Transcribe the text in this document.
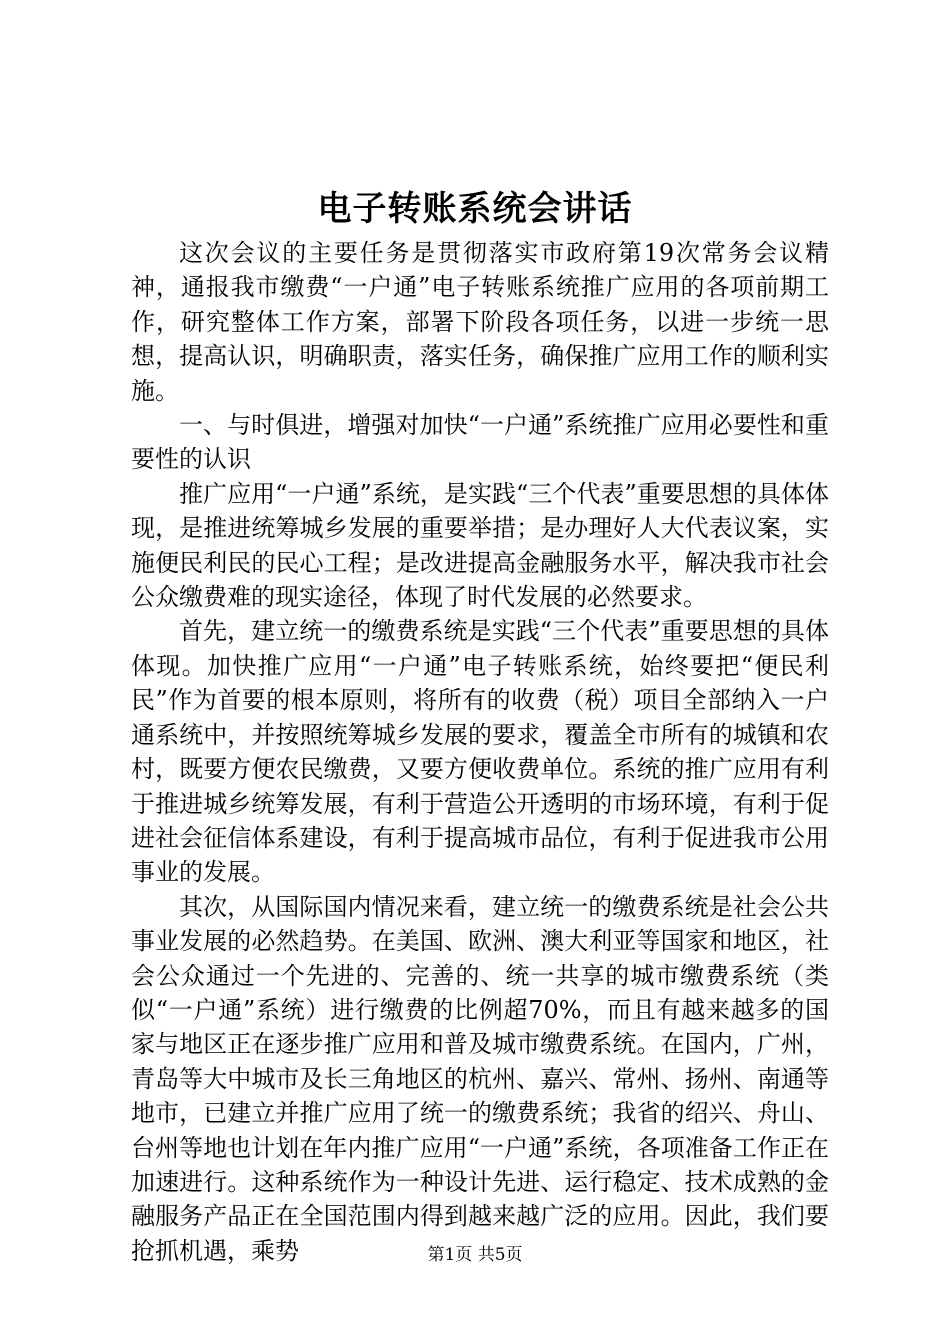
电子转账系统会讲话

这次会议的主要任务是贯彻落实市政府第19次常务会议精神，通报我市缴费“一户通”电子转账系统推广应用的各项前期工作，研究整体工作方案，部署下阶段各项任务，以进一步统一思想，提高认识，明确职责，落实任务，确保推广应用工作的顺利实施。

一、与时俱进，增强对加快“一户通”系统推广应用必要性和重要性的认识

推广应用“一户通”系统，是实践“三个代表”重要思想的具体体现，是推进统筹城乡发展的重要举措；是办理好人大代表议案，实施便民利民的民心工程；是改进提高金融服务水平，解决我市社会公众缴费难的现实途径，体现了时代发展的必然要求。

首先，建立统一的缴费系统是实践“三个代表”重要思想的具体体现。加快推广应用“一户通”电子转账系统，始终要把“便民利民”作为首要的根本原则，将所有的收费（税）项目全部纳入一户通系统中，并按照统筹城乡发展的要求，覆盖全市所有的城镇和农村，既要方便农民缴费，又要方便收费单位。系统的推广应用有利于推进城乡统筹发展，有利于营造公开透明的市场环境，有利于促进社会征信体系建设，有利于提高城市品位，有利于促进我市公用事业的发展。

其次，从国际国内情况来看，建立统一的缴费系统是社会公共事业发展的必然趋势。在美国、欧洲、澳大利亚等国家和地区，社会公众通过一个先进的、完善的、统一共享的城市缴费系统（类似“一户通”系统）进行缴费的比例超70%，而且有越来越多的国家与地区正在逐步推广应用和普及城市缴费系统。在国内，广州，青岛等大中城市及长三角地区的杭州、嘉兴、常州、扬州、南通等地市，已建立并推广应用了统一的缴费系统；我省的绍兴、舟山、台州等地也计划在年内推广应用“一户通”系统，各项准备工作正在加速进行。这种系统作为一种设计先进、运行稳定、技术成熟的金融服务产品正在全国范围内得到越来越广泛的应用。因此，我们要抢抓机遇，乘势	第1页 共5页
